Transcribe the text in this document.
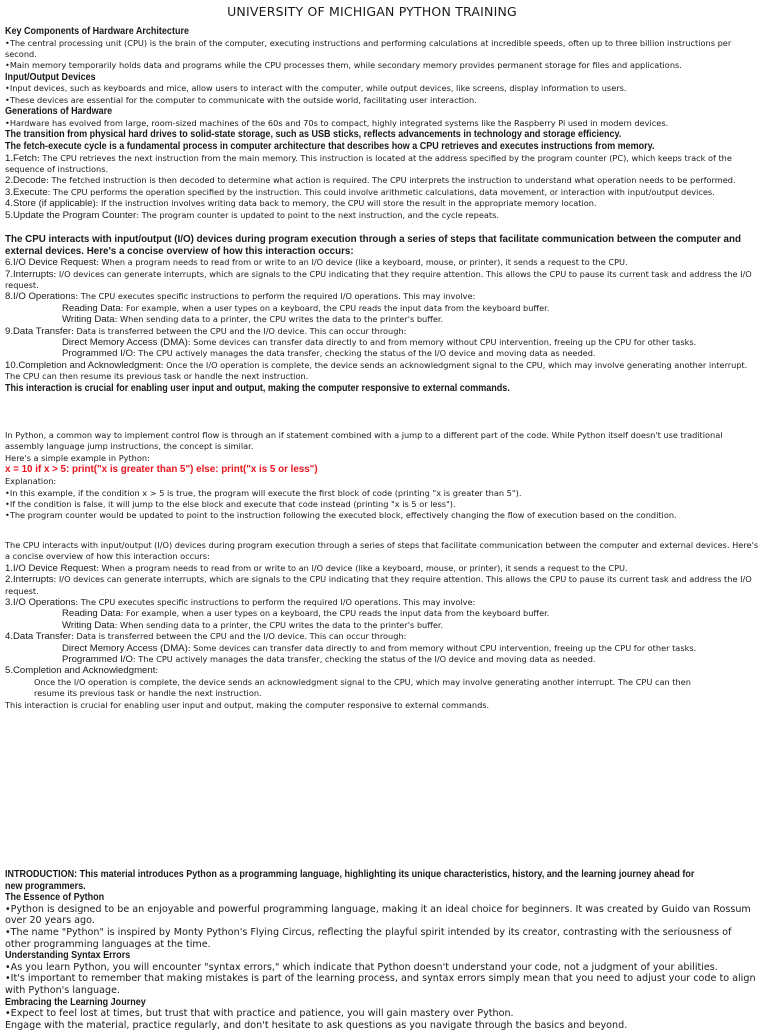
UNIVERSITY OF MICHIGAN PYTHON TRAINING

Key Components of Hardware Architecture

•The central processing unit (CPU) is the brain of the computer, executing instructions and performing calculations at incredible speeds, often up to three billion instructions per second.

•Main memory temporarily holds data and programs while the CPU processes them, while secondary memory provides permanent storage for files and applications.

Input/Output Devices

•Input devices, such as keyboards and mice, allow users to interact with the computer, while output devices, like screens, display information to users.

•These devices are essential for the computer to communicate with the outside world, facilitating user interaction.

Generations of Hardware

•Hardware has evolved from large, room-sized machines of the 60s and 70s to compact, highly integrated systems like the Raspberry Pi used in modern devices.

The transition from physical hard drives to solid-state storage, such as USB sticks, reflects advancements in technology and storage efficiency.

The fetch-execute cycle is a fundamental process in computer architecture that describes how a CPU retrieves and executes instructions from memory.

1.Fetch: The CPU retrieves the next instruction from the main memory. This instruction is located at the address specified by the program counter (PC), which keeps track of the sequence of instructions.

2.Decode: The fetched instruction is then decoded to determine what action is required. The CPU interprets the instruction to understand what operation needs to be performed.

3.Execute: The CPU performs the operation specified by the instruction. This could involve arithmetic calculations, data movement, or interaction with input/output devices.

4.Store (if applicable): If the instruction involves writing data back to memory, the CPU will store the result in the appropriate memory location.

5.Update the Program Counter: The program counter is updated to point to the next instruction, and the cycle repeats.

The CPU interacts with input/output (I/O) devices during program execution through a series of steps that facilitate communication between the computer and external devices. Here's a concise overview of how this interaction occurs:

6.I/O Device Request: When a program needs to read from or write to an I/O device (like a keyboard, mouse, or printer), it sends a request to the CPU.

7.Interrupts: I/O devices can generate interrupts, which are signals to the CPU indicating that they require attention. This allows the CPU to pause its current task and address the I/O request.

8.I/O Operations: The CPU executes specific instructions to perform the required I/O operations. This may involve:

Reading Data: For example, when a user types on a keyboard, the CPU reads the input data from the keyboard buffer.

Writing Data: When sending data to a printer, the CPU writes the data to the printer's buffer.

9.Data Transfer: Data is transferred between the CPU and the I/O device. This can occur through:

Direct Memory Access (DMA): Some devices can transfer data directly to and from memory without CPU intervention, freeing up the CPU for other tasks.

Programmed I/O: The CPU actively manages the data transfer, checking the status of the I/O device and moving data as needed.

10.Completion and Acknowledgment: Once the I/O operation is complete, the device sends an acknowledgment signal to the CPU, which may involve generating another interrupt. The CPU can then resume its previous task or handle the next instruction.

This interaction is crucial for enabling user input and output, making the computer responsive to external commands.

In Python, a common way to implement control flow is through an if statement combined with a jump to a different part of the code. While Python itself doesn't use traditional assembly language jump instructions, the concept is similar.

Here's a simple example in Python:

x = 10 if x > 5: print("x is greater than 5") else: print("x is 5 or less")

Explanation:

•In this example, if the condition x > 5 is true, the program will execute the first block of code (printing "x is greater than 5").

•If the condition is false, it will jump to the else block and execute that code instead (printing "x is 5 or less").

•The program counter would be updated to point to the instruction following the executed block, effectively changing the flow of execution based on the condition.

The CPU interacts with input/output (I/O) devices during program execution through a series of steps that facilitate communication between the computer and external devices. Here's a concise overview of how this interaction occurs:

1.I/O Device Request: When a program needs to read from or write to an I/O device (like a keyboard, mouse, or printer), it sends a request to the CPU.

2.Interrupts: I/O devices can generate interrupts, which are signals to the CPU indicating that they require attention. This allows the CPU to pause its current task and address the I/O request.

3.I/O Operations: The CPU executes specific instructions to perform the required I/O operations. This may involve:

Reading Data: For example, when a user types on a keyboard, the CPU reads the input data from the keyboard buffer.

Writing Data: When sending data to a printer, the CPU writes the data to the printer's buffer.

4.Data Transfer: Data is transferred between the CPU and the I/O device. This can occur through:

Direct Memory Access (DMA): Some devices can transfer data directly to and from memory without CPU intervention, freeing up the CPU for other tasks.

Programmed I/O: The CPU actively manages the data transfer, checking the status of the I/O device and moving data as needed.

5.Completion and Acknowledgment:

Once the I/O operation is complete, the device sends an acknowledgment signal to the CPU, which may involve generating another interrupt. The CPU can then resume its previous task or handle the next instruction.

This interaction is crucial for enabling user input and output, making the computer responsive to external commands.

INTRODUCTION: This material introduces Python as a programming language, highlighting its unique characteristics, history, and the learning journey ahead for new programmers.

The Essence of Python

•Python is designed to be an enjoyable and powerful programming language, making it an ideal choice for beginners. It was created by Guido van Rossum over 20 years ago.

•The name "Python" is inspired by Monty Python's Flying Circus, reflecting the playful spirit intended by its creator, contrasting with the seriousness of other programming languages at the time.

Understanding Syntax Errors

•As you learn Python, you will encounter "syntax errors," which indicate that Python doesn't understand your code, not a judgment of your abilities.

•It's important to remember that making mistakes is part of the learning process, and syntax errors simply mean that you need to adjust your code to align with Python's language.

Embracing the Learning Journey

•Expect to feel lost at times, but trust that with practice and patience, you will gain mastery over Python.

Engage with the material, practice regularly, and don't hesitate to ask questions as you navigate through the basics and beyond.
